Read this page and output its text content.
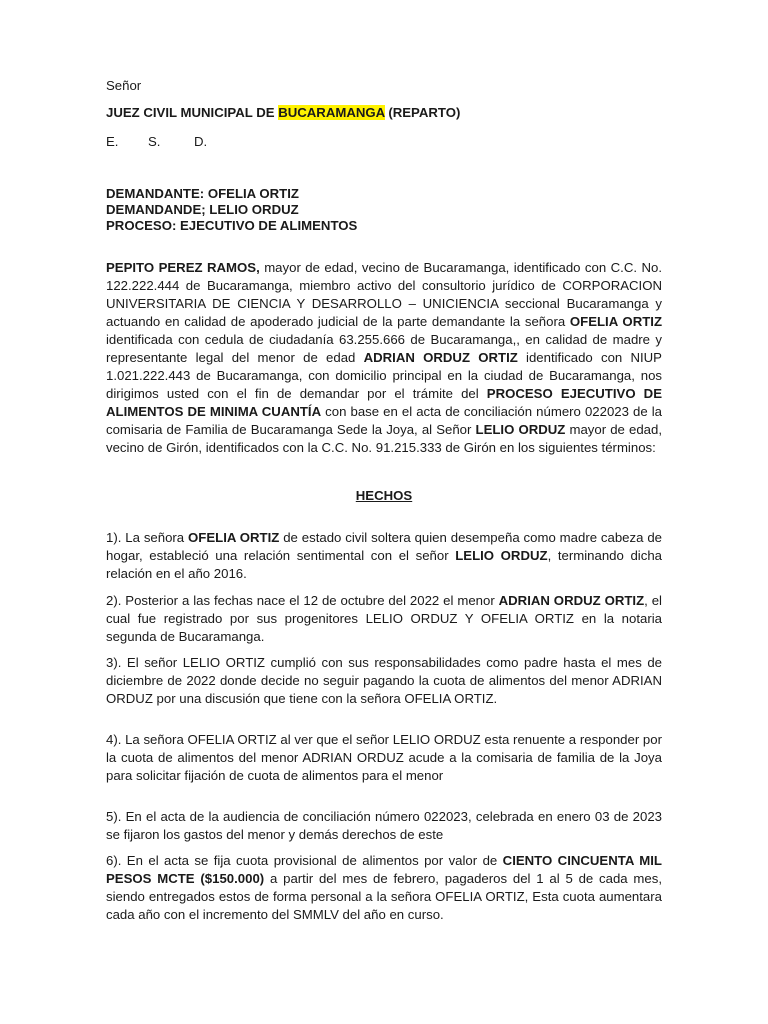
Señor
JUEZ CIVIL MUNICIPAL DE BUCARAMANGA (REPARTO)
E. S.	D.
DEMANDANTE: OFELIA ORTIZ
DEMANDANDE; LELIO ORDUZ
PROCESO: EJECUTIVO DE ALIMENTOS
PEPITO PEREZ RAMOS, mayor de edad, vecino de Bucaramanga, identificado con C.C. No. 122.222.444 de Bucaramanga, miembro activo del consultorio jurídico de CORPORACION UNIVERSITARIA DE CIENCIA Y DESARROLLO – UNICIENCIA seccional Bucaramanga y actuando en calidad de apoderado judicial de la parte demandante la señora OFELIA ORTIZ identificada con cedula de ciudadanía 63.255.666 de Bucaramanga,, en calidad de madre y representante legal del menor de edad ADRIAN ORDUZ ORTIZ identificado con NIUP 1.021.222.443 de Bucaramanga, con domicilio principal en la ciudad de Bucaramanga, nos dirigimos usted con el fin de demandar por el trámite del PROCESO EJECUTIVO DE ALIMENTOS DE MINIMA CUANTÍA con base en el acta de conciliación número 022023 de la comisaria de Familia de Bucaramanga Sede la Joya, al Señor LELIO ORDUZ mayor de edad, vecino de Girón, identificados con la C.C. No. 91.215.333 de Girón en los siguientes términos:
HECHOS
1). La señora OFELIA ORTIZ de estado civil soltera quien desempeña como madre cabeza de hogar, estableció una relación sentimental con el señor LELIO ORDUZ, terminando dicha relación en el año 2016.
2). Posterior a las fechas nace el 12 de octubre del 2022 el menor ADRIAN ORDUZ ORTIZ, el cual fue registrado por sus progenitores LELIO ORDUZ Y OFELIA ORTIZ en la notaria segunda de Bucaramanga.
3). El señor LELIO ORTIZ cumplió con sus responsabilidades como padre hasta el mes de diciembre de 2022 donde decide no seguir pagando la cuota de alimentos del menor ADRIAN ORDUZ por una discusión que tiene con la señora OFELIA ORTIZ.
4). La señora OFELIA ORTIZ al ver que el señor LELIO ORDUZ esta renuente a responder por la cuota de alimentos del menor ADRIAN ORDUZ acude a la comisaria de familia de la Joya para solicitar fijación de cuota de alimentos para el menor
5). En el acta de la audiencia de conciliación número 022023, celebrada en enero 03 de 2023 se fijaron los gastos del menor y demás derechos de este
6). En el acta se fija cuota provisional de alimentos por valor de CIENTO CINCUENTA MIL PESOS MCTE ($150.000) a partir del mes de febrero, pagaderos del 1 al 5 de cada mes, siendo entregados estos de forma personal a la señora OFELIA ORTIZ, Esta cuota aumentara cada año con el incremento del SMMLV del año en curso.
